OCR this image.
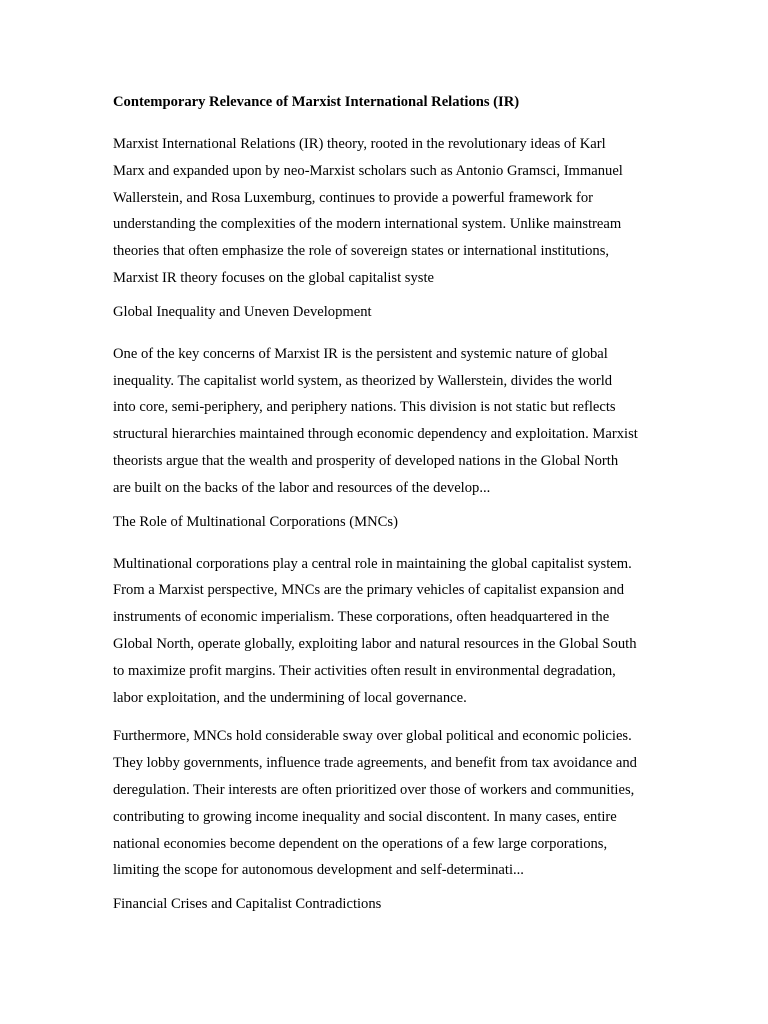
Contemporary Relevance of Marxist International Relations (IR)
Marxist International Relations (IR) theory, rooted in the revolutionary ideas of Karl
Marx and expanded upon by neo-Marxist scholars such as Antonio Gramsci, Immanuel
Wallerstein, and Rosa Luxemburg, continues to provide a powerful framework for
understanding the complexities of the modern international system. Unlike mainstream
theories that often emphasize the role of sovereign states or international institutions,
Marxist IR theory focuses on the global capitalist syste
Global Inequality and Uneven Development
One of the key concerns of Marxist IR is the persistent and systemic nature of global
inequality. The capitalist world system, as theorized by Wallerstein, divides the world
into core, semi-periphery, and periphery nations. This division is not static but reflects
structural hierarchies maintained through economic dependency and exploitation. Marxist
theorists argue that the wealth and prosperity of developed nations in the Global North
are built on the backs of the labor and resources of the develop...
The Role of Multinational Corporations (MNCs)
Multinational corporations play a central role in maintaining the global capitalist system.
From a Marxist perspective, MNCs are the primary vehicles of capitalist expansion and
instruments of economic imperialism. These corporations, often headquartered in the
Global North, operate globally, exploiting labor and natural resources in the Global South
to maximize profit margins. Their activities often result in environmental degradation,
labor exploitation, and the undermining of local governance.
Furthermore, MNCs hold considerable sway over global political and economic policies.
They lobby governments, influence trade agreements, and benefit from tax avoidance and
deregulation. Their interests are often prioritized over those of workers and communities,
contributing to growing income inequality and social discontent. In many cases, entire
national economies become dependent on the operations of a few large corporations,
limiting the scope for autonomous development and self-determinati...
Financial Crises and Capitalist Contradictions
